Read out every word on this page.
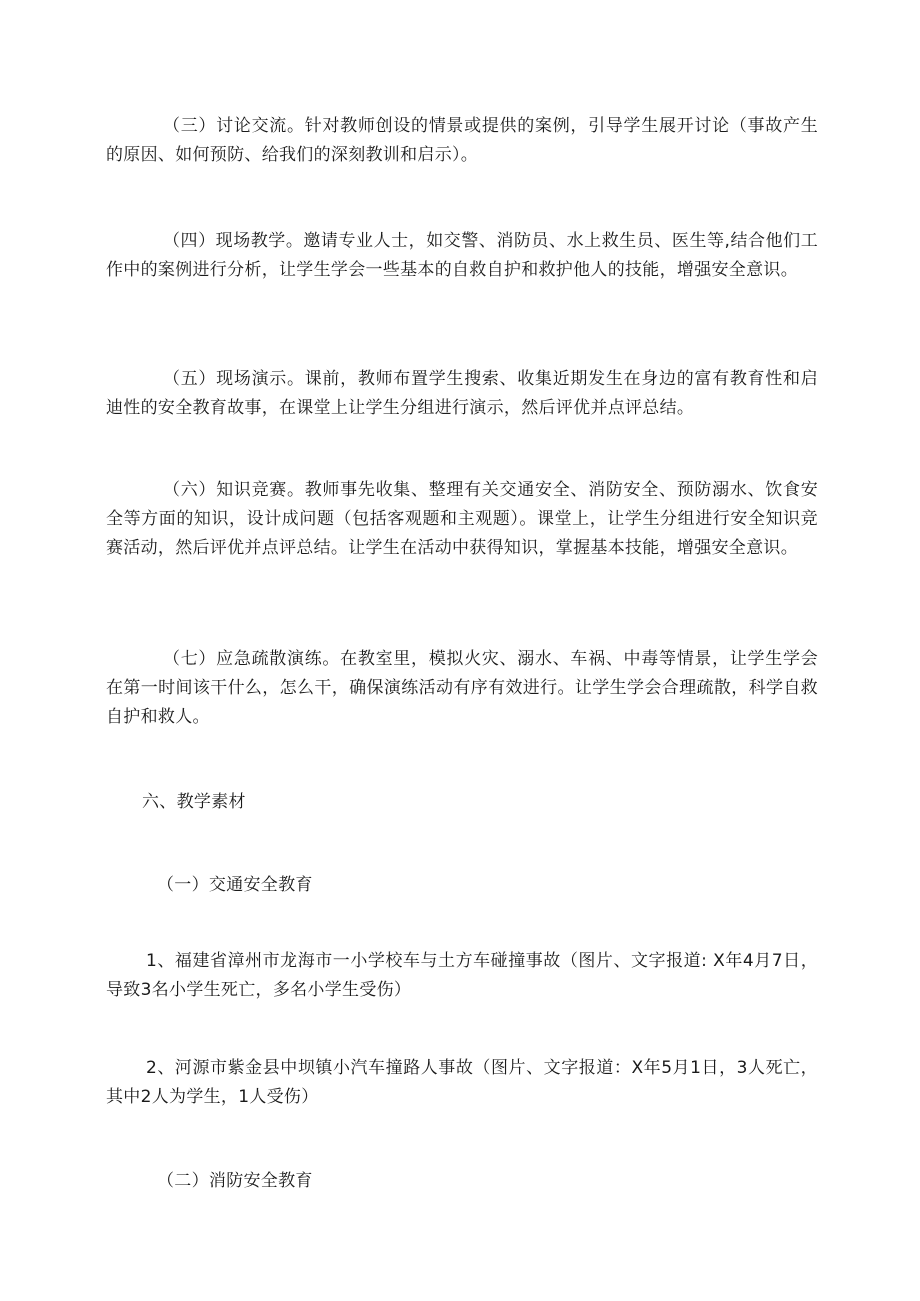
（三）讨论交流。针对教师创设的情景或提供的案例，引导学生展开讨论（事故产生的原因、如何预防、给我们的深刻教训和启示）。

（四）现场教学。邀请专业人士，如交警、消防员、水上救生员、医生等,结合他们工作中的案例进行分析，让学生学会一些基本的自救自护和救护他人的技能，增强安全意识。

（五）现场演示。课前，教师布置学生搜索、收集近期发生在身边的富有教育性和启迪性的安全教育故事，在课堂上让学生分组进行演示，然后评优并点评总结。

（六）知识竞赛。教师事先收集、整理有关交通安全、消防安全、预防溺水、饮食安全等方面的知识，设计成问题（包括客观题和主观题）。课堂上，让学生分组进行安全知识竞赛活动，然后评优并点评总结。让学生在活动中获得知识，掌握基本技能，增强安全意识。

（七）应急疏散演练。在教室里，模拟火灾、溺水、车祸、中毒等情景，让学生学会在第一时间该干什么，怎么干，确保演练活动有序有效进行。让学生学会合理疏散，科学自救自护和救人。

六、教学素材

（一）交通安全教育

1、福建省漳州市龙海市一小学校车与土方车碰撞事故（图片、文字报道: X年4月7日，导致3名小学生死亡，多名小学生受伤）

2、河源市紫金县中坝镇小汽车撞路人事故（图片、文字报道：X年5月1日，3人死亡，其中2人为学生，1人受伤）

（二）消防安全教育
